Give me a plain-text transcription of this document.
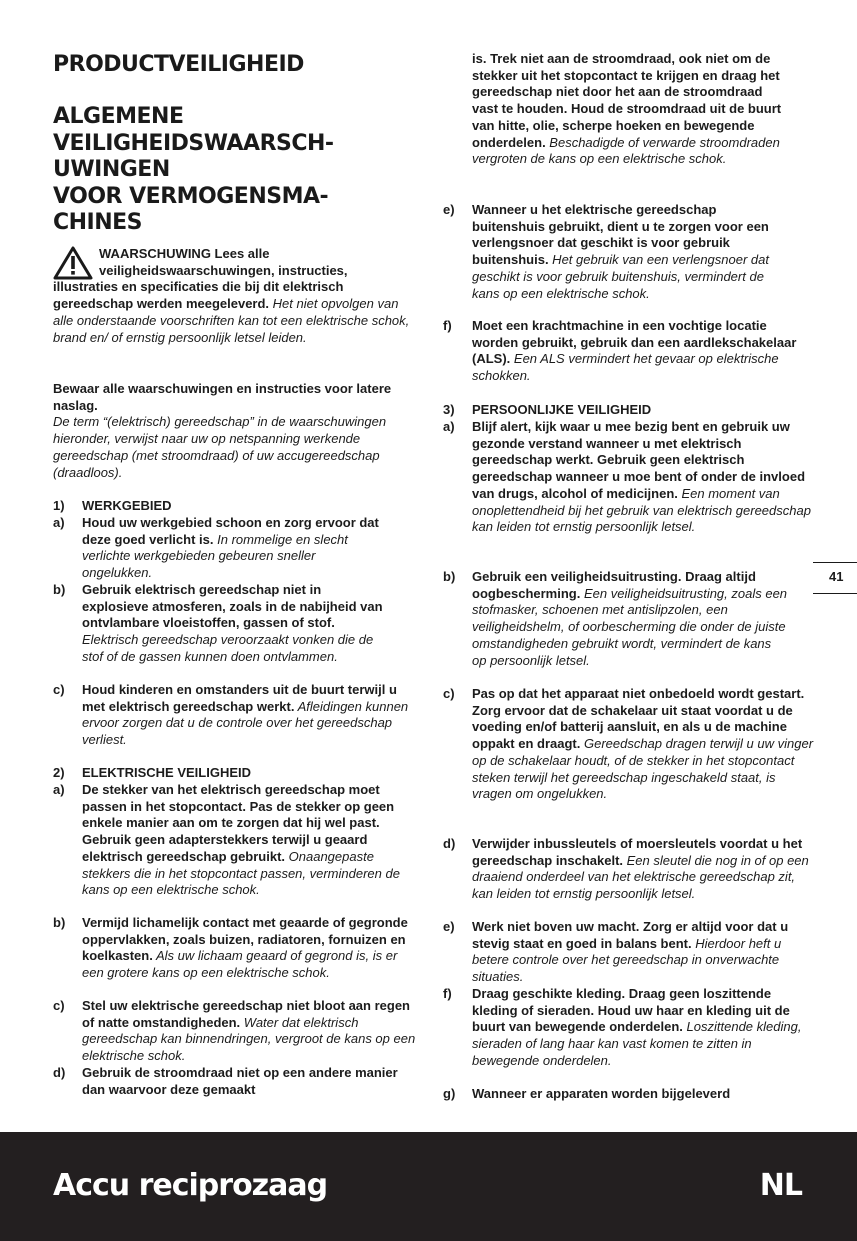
PRODUCTVEILIGHEID
ALGEMENE
VEILIGHEIDSWAARSCH-
UWINGEN
VOOR VERMOGENSMA-
CHINES
WAARSCHUWING Lees alle
veiligheidswaarschuwingen, instructies,
illustraties en specificaties die bij dit elektrisch gereedschap werden meegeleverd. Het niet opvolgen van alle onderstaande voorschriften kan tot een elektrische schok, brand en/ of ernstig persoonlijk letsel leiden.
Bewaar alle waarschuwingen en instructies voor latere naslag.
De term “(elektrisch) gereedschap” in de waarschuwingen hieronder, verwijst naar uw op netspanning werkende gereedschap (met stroomdraad) of uw accugereedschap (draadloos).
1) WERKGEBIED
a) Houd uw werkgebied schoon en zorg ervoor dat deze goed verlicht is. In rommelige en slecht verlichte werkgebieden gebeuren sneller ongelukken.
b) Gebruik elektrisch gereedschap niet in explosieve atmosferen, zoals in de nabijheid van ontvlambare vloeistoffen, gassen of stof. Elektrisch gereedschap veroorzaakt vonken die de stof of de gassen kunnen doen ontvlammen.
c) Houd kinderen en omstanders uit de buurt terwijl u met elektrisch gereedschap werkt. Afleidingen kunnen ervoor zorgen dat u de controle over het gereedschap verliest.
2) ELEKTRISCHE VEILIGHEID
a) De stekker van het elektrisch gereedschap moet passen in het stopcontact. Pas de stekker op geen enkele manier aan om te zorgen dat hij wel past. Gebruik geen adapterstekkers terwijl u geaard elektrisch gereedschap gebruikt. Onaangepaste stekkers die in het stopcontact passen, verminderen de kans op een elektrische schok.
b) Vermijd lichamelijk contact met geaarde of gegronde oppervlakken, zoals buizen, radiatoren, fornuizen en koelkasten. Als uw lichaam geaard of gegrond is, is er een grotere kans op een elektrische schok.
c) Stel uw elektrische gereedschap niet bloot aan regen of natte omstandigheden. Water dat elektrisch gereedschap kan binnendringen, vergroot de kans op een elektrische schok.
d) Gebruik de stroomdraad niet op een andere manier dan waarvoor deze gemaakt
is. Trek niet aan de stroomdraad, ook niet om de stekker uit het stopcontact te krijgen en draag het gereedschap niet door het aan de stroomdraad vast te houden. Houd de stroomdraad uit de buurt van hitte, olie, scherpe hoeken en bewegende onderdelen. Beschadigde of verwarde stroomdraden vergroten de kans op een elektrische schok.
e) Wanneer u het elektrische gereedschap buitenshuis gebruikt, dient u te zorgen voor een verlengsnoer dat geschikt is voor gebruik buitenshuis. Het gebruik van een verlengsnoer dat geschikt is voor gebruik buitenshuis, vermindert de kans op een elektrische schok.
f) Moet een krachtmachine in een vochtige locatie worden gebruikt, gebruik dan een aardlekschakelaar (ALS). Een ALS vermindert het gevaar op elektrische schokken.
3) PERSOONLIJKE VEILIGHEID
a) Blijf alert, kijk waar u mee bezig bent en gebruik uw gezonde verstand wanneer u met elektrisch gereedschap werkt. Gebruik geen elektrisch gereedschap wanneer u moe bent of onder de invloed van drugs, alcohol of medicijnen. Een moment van onoplettendheid bij het gebruik van elektrisch gereedschap kan leiden tot ernstig persoonlijk letsel.
b) Gebruik een veiligheidsuitrusting. Draag altijd oogbescherming. Een veiligheidsuitrusting, zoals een stofmasker, schoenen met antislipzolen, een veiligheidshelm, of oorbescherming die onder de juiste omstandigheden gebruikt wordt, vermindert de kans op persoonlijk letsel.
c) Pas op dat het apparaat niet onbedoeld wordt gestart. Zorg ervoor dat de schakelaar uit staat voordat u de voeding en/of batterij aansluit, en als u de machine oppakt en draagt. Gereedschap dragen terwijl u uw vinger op de schakelaar houdt, of de stekker in het stopcontact steken terwijl het gereedschap ingeschakeld staat, is vragen om ongelukken.
d) Verwijder inbussleutels of moersleutels voordat u het gereedschap inschakelt. Een sleutel die nog in of op een draaiend onderdeel van het elektrische gereedschap zit, kan leiden tot ernstig persoonlijk letsel.
e) Werk niet boven uw macht. Zorg er altijd voor dat u stevig staat en goed in balans bent. Hierdoor heft u betere controle over het gereedschap in onverwachte situaties.
f) Draag geschikte kleding. Draag geen loszittende kleding of sieraden. Houd uw haar en kleding uit de buurt van bewegende onderdelen. Loszittende kleding, sieraden of lang haar kan vast komen te zitten in bewegende onderdelen.
g) Wanneer er apparaten worden bijgeleverd
41
Accu reciprozaag	NL
